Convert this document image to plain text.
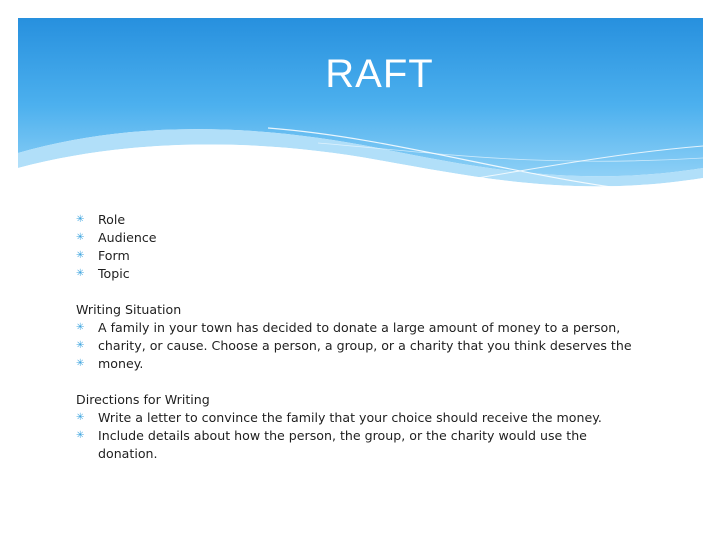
RAFT
✳	Role
✳	Audience
✳	Form
✳	Topic

Writing Situation

✳	A family in your town has decided to donate a large amount of money to a person,
✳	charity, or cause. Choose a person, a group, or a charity that you think deserves the
✳	money.

Directions for Writing

✳	Write a letter to convince the family that your choice should receive the money.
✳	Include details about how the person, the group, or the charity would use the donation.
